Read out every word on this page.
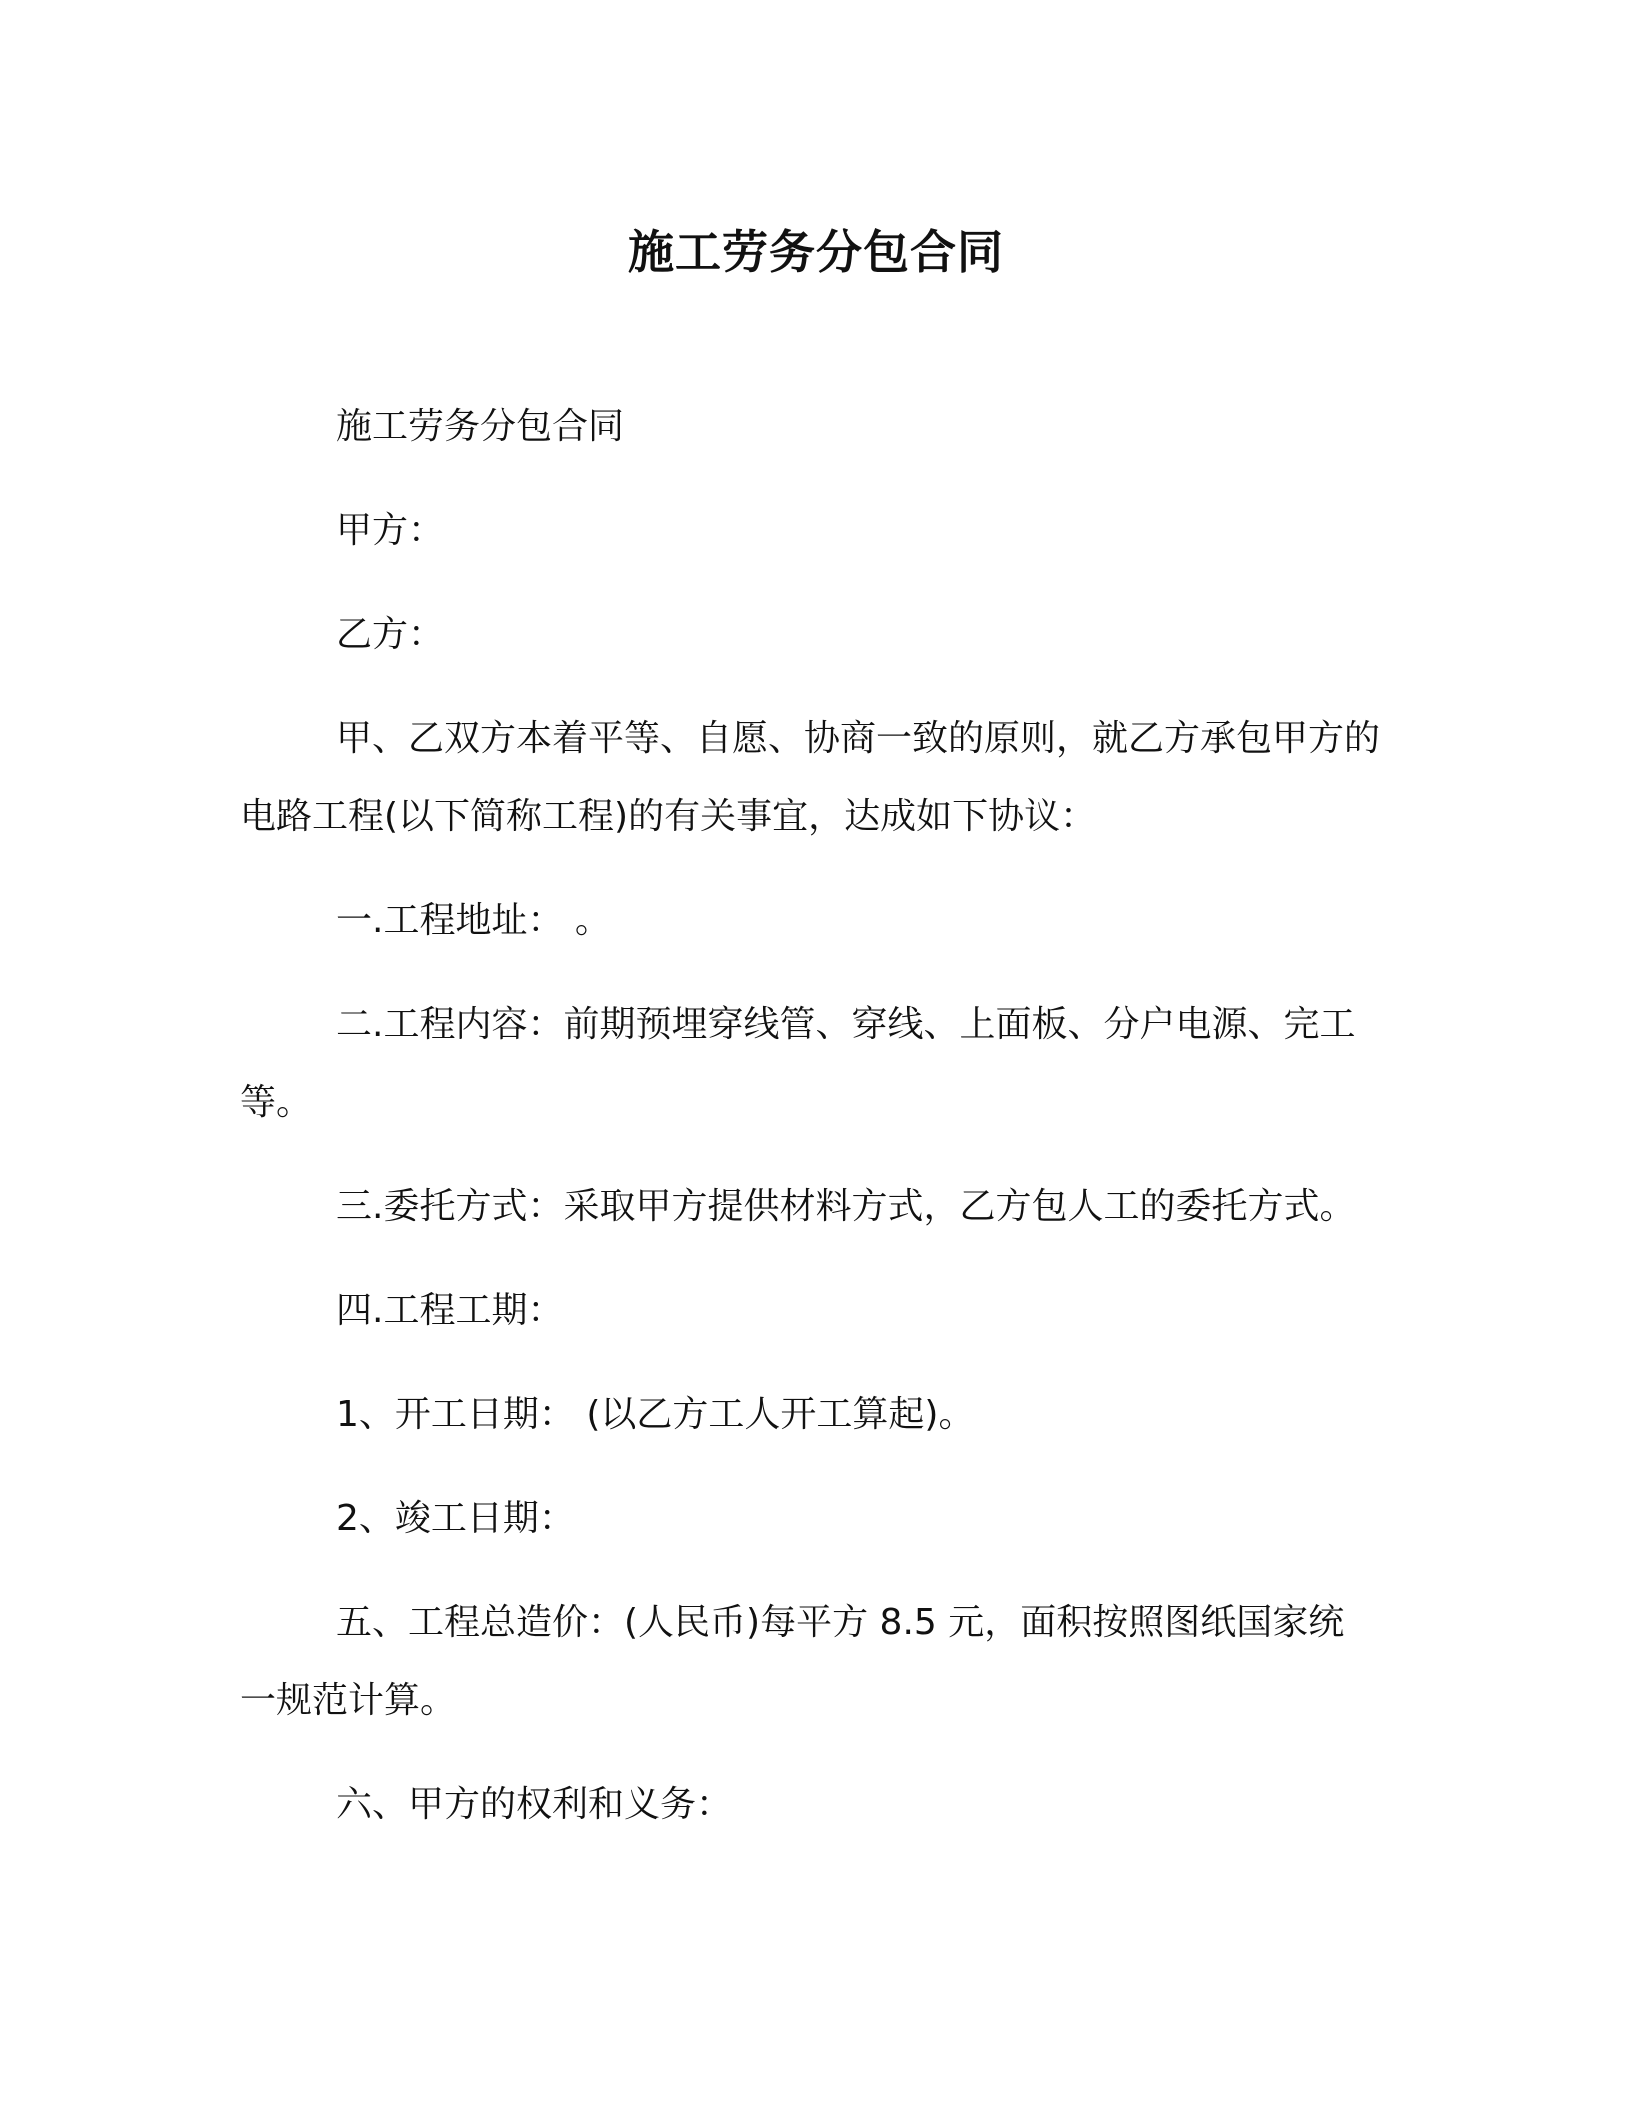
施工劳务分包合同

施工劳务分包合同

甲方：

乙方：

甲、乙双方本着平等、自愿、协商一致的原则，就乙方承包甲方的电路工程(以下简称工程)的有关事宜，达成如下协议：

一.工程地址： 。

二.工程内容：前期预埋穿线管、穿线、上面板、分户电源、完工等。

三.委托方式：采取甲方提供材料方式，乙方包人工的委托方式。

四.工程工期：

1、开工日期： (以乙方工人开工算起)。

2、竣工日期：

五、工程总造价：(人民币)每平方 8.5 元，面积按照图纸国家统一规范计算。

六、甲方的权利和义务：
